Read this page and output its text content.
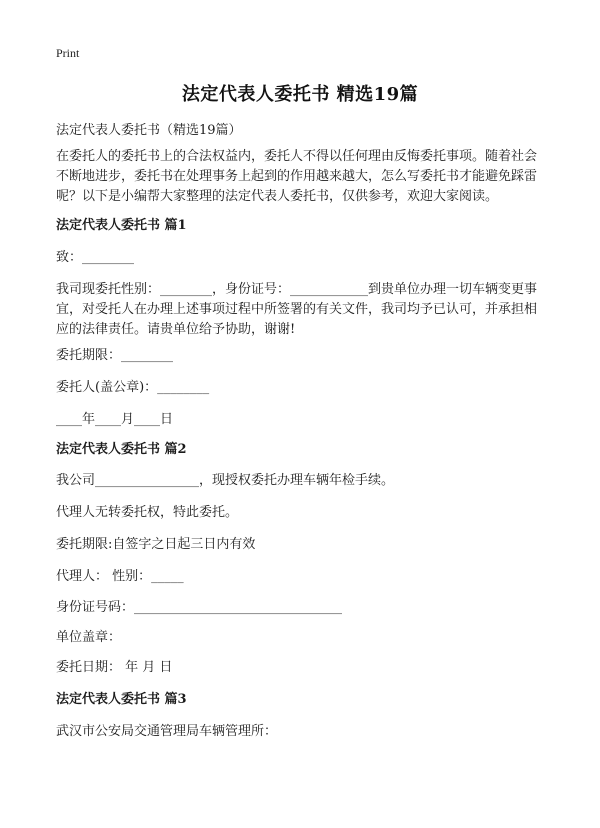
Print
法定代表人委托书 精选19篇
法定代表人委托书（精选19篇）
在委托人的委托书上的合法权益内，委托人不得以任何理由反悔委托事项。随着社会不断地进步，委托书在处理事务上起到的作用越来越大，怎么写委托书才能避免踩雷呢？以下是小编帮大家整理的法定代表人委托书，仅供参考，欢迎大家阅读。
法定代表人委托书 篇1
致：________
我司现委托性别：________，身份证号：____________到贵单位办理一切车辆变更事宜，对受托人在办理上述事项过程中所签署的有关文件，我司均予已认可，并承担相应的法律责任。请贵单位给予协助，谢谢!
委托期限：________
委托人(盖公章)：________
____年____月____日
法定代表人委托书 篇2
我公司________________，现授权委托办理车辆年检手续。
代理人无转委托权，特此委托。
委托期限:自签字之日起三日内有效
代理人： 性别：_____
身份证号码：________________________________
单位盖章：
委托日期： 年 月 日
法定代表人委托书 篇3
武汉市公安局交通管理局车辆管理所：
